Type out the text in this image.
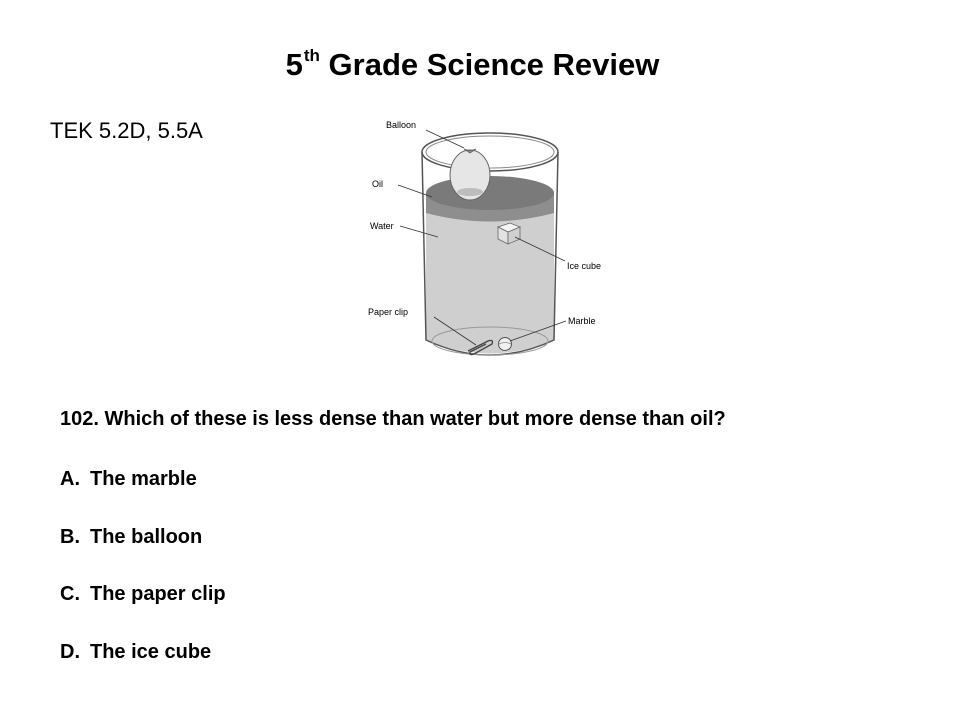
5th Grade Science Review
TEK 5.2D, 5.5A	Balloon
Oil
Water
Ice cube
Paper clip
Marble
102. Which of these is less dense than water but more dense than oil?
A. The marble
B. The balloon
C. The paper clip
D. The ice cube
